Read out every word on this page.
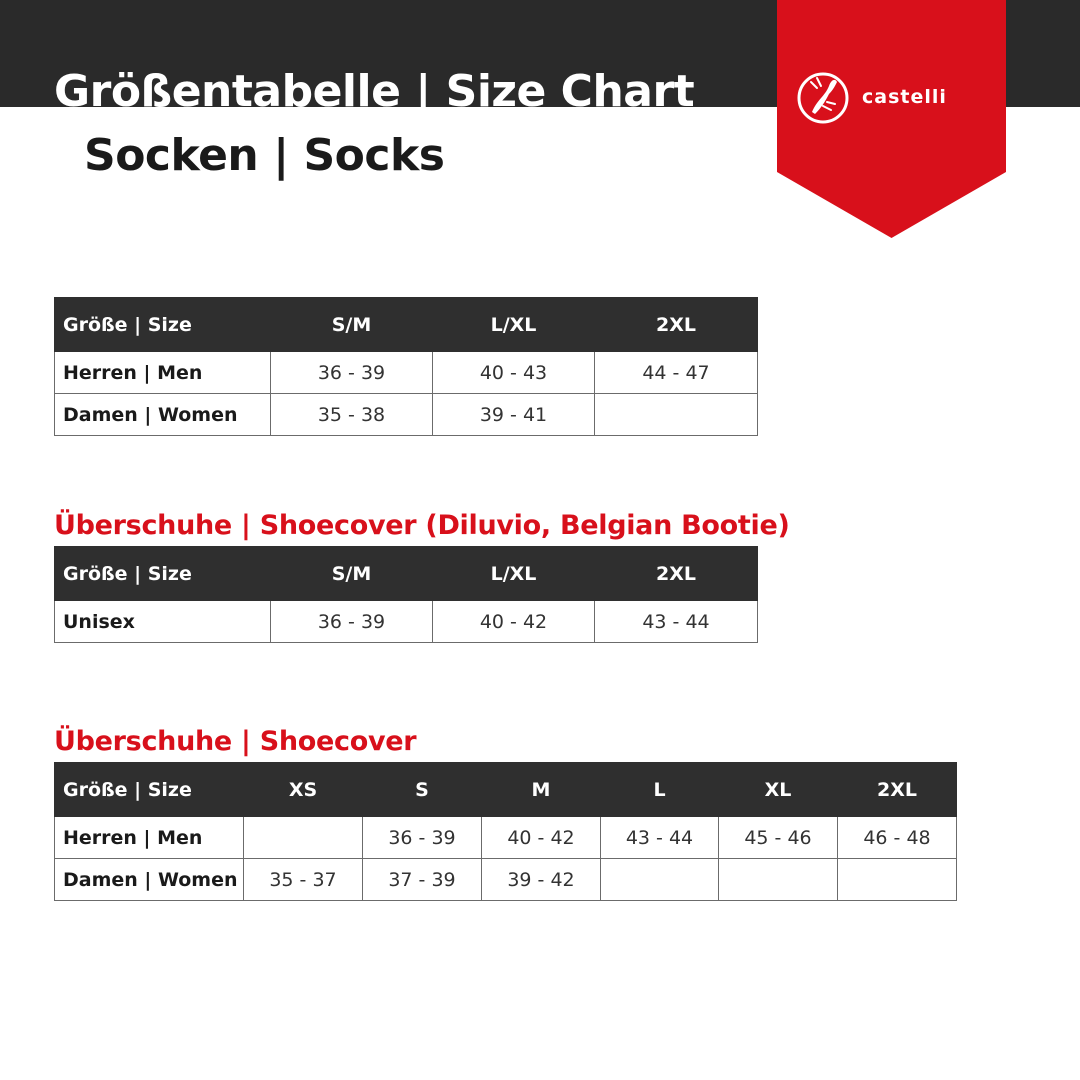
Größentabelle | Size Chart
Socken | Socks
castelli
Größe | Size	S/M	L/XL	2XL
Herren | Men	36 - 39	40 - 43	44 - 47
Damen | Women	35 - 38	39 - 41	
Überschuhe | Shoecover (Diluvio, Belgian Bootie)
Größe | Size	S/M	L/XL	2XL
Unisex	36 - 39	40 - 42	43 - 44
Überschuhe | Shoecover
Größe | Size	XS	S	M	L	XL	2XL
Herren | Men		36 - 39	40 - 42	43 - 44	45 - 46	46 - 48
Damen | Women	35 - 37	37 - 39	39 - 42			
